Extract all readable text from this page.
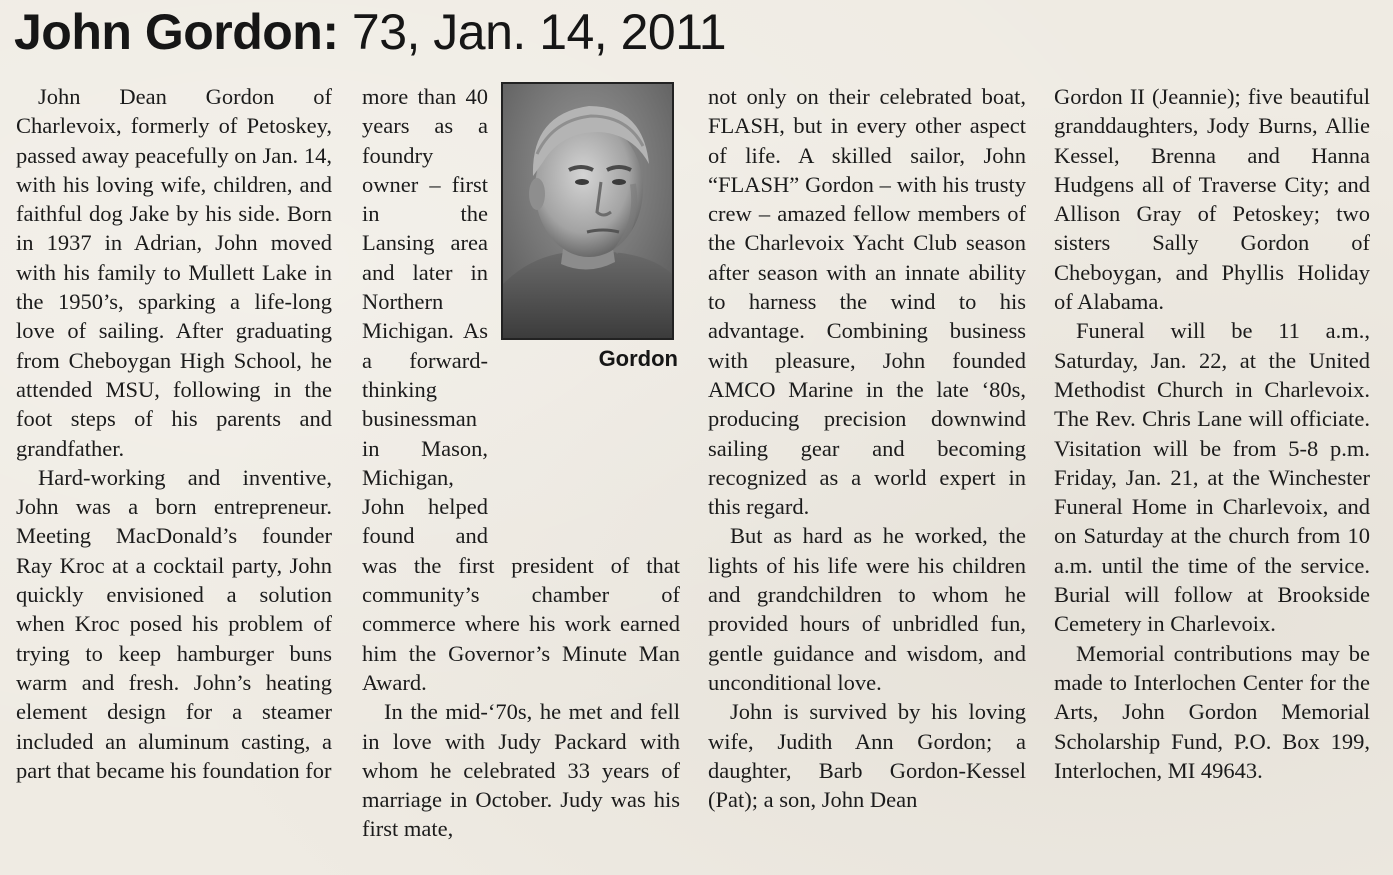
John Gordon: 73, Jan. 14, 2011

John Dean Gordon of Charlevoix, formerly of Petoskey, passed away peacefully on Jan. 14, with his loving wife, children, and faithful dog Jake by his side. Born in 1937 in Adrian, John moved with his family to Mullett Lake in the 1950’s, sparking a life-long love of sailing. After graduating from Cheboygan High School, he attended MSU, following in the foot steps of his parents and grandfather.

Hard-working and inventive, John was a born entrepreneur. Meeting MacDonald’s founder Ray Kroc at a cocktail party, John quickly envisioned a solution when Kroc posed his problem of trying to keep hamburger buns warm and fresh. John’s heating element design for a steamer included an aluminum casting, a part that became his foundation for

more than 40 years as a foundry owner – first in the Lansing area and later in Northern Michigan. As a forward-thinking businessman in Mason, Michigan, John helped found and

was the first president of that community’s chamber of commerce where his work earned him the Governor’s Minute Man Award.

In the mid-‘70s, he met and fell in love with Judy Packard with whom he celebrated 33 years of marriage in October. Judy was his first mate,

Gordon

not only on their celebrated boat, FLASH, but in every other aspect of life. A skilled sailor, John “FLASH” Gordon – with his trusty crew – amazed fellow members of the Charlevoix Yacht Club season after season with an innate ability to harness the wind to his advantage. Combining business with pleasure, John founded AMCO Marine in the late ‘80s, producing precision downwind sailing gear and becoming recognized as a world expert in this regard.

But as hard as he worked, the lights of his life were his children and grandchildren to whom he provided hours of unbridled fun, gentle guidance and wisdom, and unconditional love.

John is survived by his loving wife, Judith Ann Gordon; a daughter, Barb Gordon-Kessel (Pat); a son, John Dean

Gordon II (Jeannie); five beautiful granddaughters, Jody Burns, Allie Kessel, Brenna and Hanna Hudgens all of Traverse City; and Allison Gray of Petoskey; two sisters Sally Gordon of Cheboygan, and Phyllis Holiday of Alabama.

Funeral will be 11 a.m., Saturday, Jan. 22, at the United Methodist Church in Charlevoix. The Rev. Chris Lane will officiate. Visitation will be from 5-8 p.m. Friday, Jan. 21, at the Winchester Funeral Home in Charlevoix, and on Saturday at the church from 10 a.m. until the time of the service. Burial will follow at Brookside Cemetery in Charlevoix.

Memorial contributions may be made to Interlochen Center for the Arts, John Gordon Memorial Scholarship Fund, P.O. Box 199, Interlochen, MI 49643.
